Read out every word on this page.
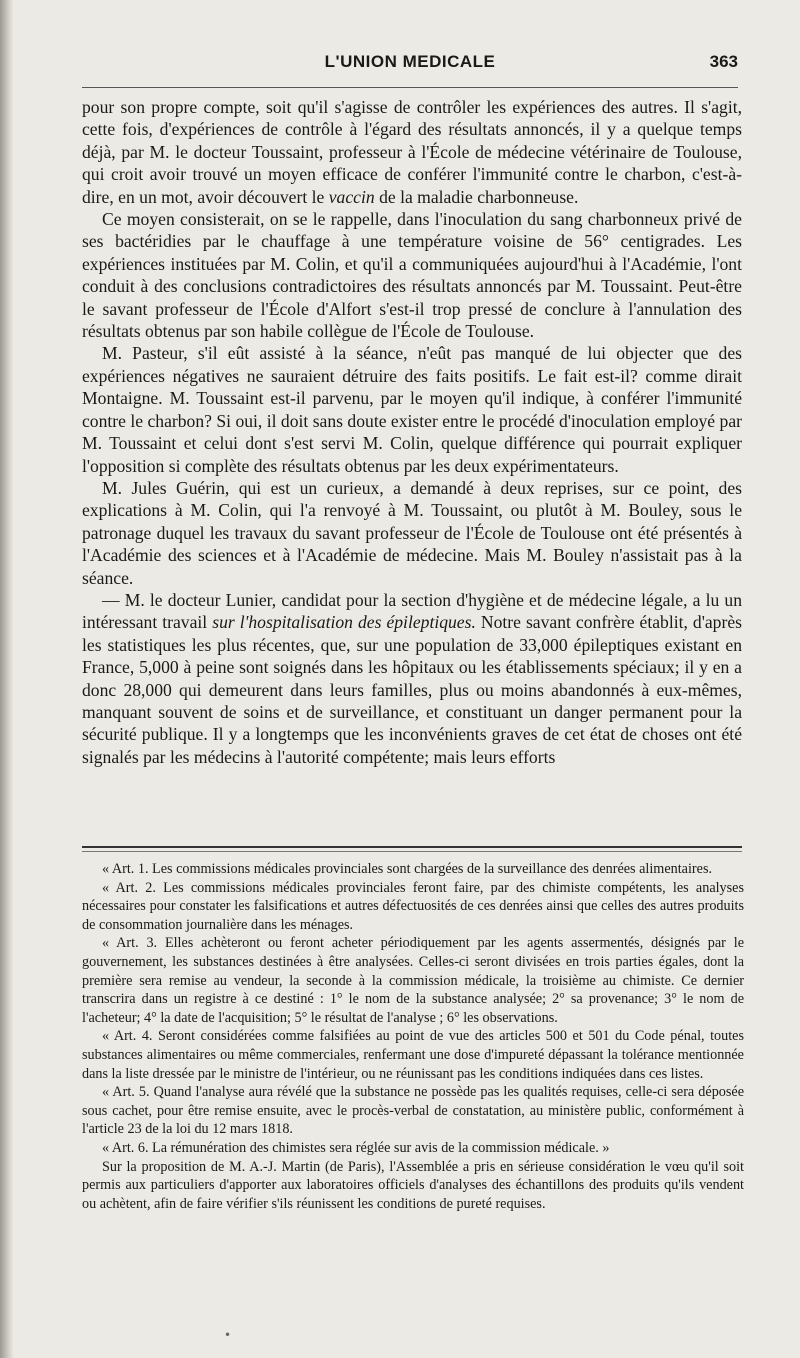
L'UNION MEDICALE	363

pour son propre compte, soit qu'il s'agisse de contrôler les expériences des autres. Il s'agit, cette fois, d'expériences de contrôle à l'égard des résultats annoncés, il y a quelque temps déjà, par M. le docteur Toussaint, professeur à l'École de médecine vétérinaire de Toulouse, qui croit avoir trouvé un moyen efficace de conférer l'immunité contre le charbon, c'est-à-dire, en un mot, avoir découvert le vaccin de la maladie charbonneuse.

Ce moyen consisterait, on se le rappelle, dans l'inoculation du sang charbonneux privé de ses bactéridies par le chauffage à une température voisine de 56° centigrades. Les expériences instituées par M. Colin, et qu'il a communiquées aujourd'hui à l'Académie, l'ont conduit à des conclusions contradictoires des résultats annoncés par M. Toussaint. Peut-être le savant professeur de l'École d'Alfort s'est-il trop pressé de conclure à l'annulation des résultats obtenus par son habile collègue de l'École de Toulouse.

M. Pasteur, s'il eût assisté à la séance, n'eût pas manqué de lui objecter que des expériences négatives ne sauraient détruire des faits positifs. Le fait est-il? comme dirait Montaigne. M. Toussaint est-il parvenu, par le moyen qu'il indique, à conférer l'immunité contre le charbon? Si oui, il doit sans doute exister entre le procédé d'inoculation employé par M. Toussaint et celui dont s'est servi M. Colin, quelque différence qui pourrait expliquer l'opposition si complète des résultats obtenus par les deux expérimentateurs.

M. Jules Guérin, qui est un curieux, a demandé à deux reprises, sur ce point, des explications à M. Colin, qui l'a renvoyé à M. Toussaint, ou plutôt à M. Bouley, sous le patronage duquel les travaux du savant professeur de l'École de Toulouse ont été présentés à l'Académie des sciences et à l'Académie de médecine. Mais M. Bouley n'assistait pas à la séance.

— M. le docteur Lunier, candidat pour la section d'hygiène et de médecine légale, a lu un intéressant travail sur l'hospitalisation des épileptiques. Notre savant confrère établit, d'après les statistiques les plus récentes, que, sur une population de 33,000 épileptiques existant en France, 5,000 à peine sont soignés dans les hôpitaux ou les établissements spéciaux; il y en a donc 28,000 qui demeurent dans leurs familles, plus ou moins abandonnés à eux-mêmes, manquant souvent de soins et de surveillance, et constituant un danger permanent pour la sécurité publique. Il y a longtemps que les inconvénients graves de cet état de choses ont été signalés par les médecins à l'autorité compétente; mais leurs efforts

« Art. 1. Les commissions médicales provinciales sont chargées de la surveillance des denrées alimentaires.

« Art. 2. Les commissions médicales provinciales feront faire, par des chimiste compétents, les analyses nécessaires pour constater les falsifications et autres défectuosités de ces denrées ainsi que celles des autres produits de consommation journalière dans les ménages.

« Art. 3. Elles achèteront ou feront acheter périodiquement par les agents assermentés, désignés par le gouvernement, les substances destinées à être analysées. Celles-ci seront divisées en trois parties égales, dont la première sera remise au vendeur, la seconde à la commission médicale, la troisième au chimiste. Ce dernier transcrira dans un registre à ce destiné : 1° le nom de la substance analysée; 2° sa provenance; 3° le nom de l'acheteur; 4° la date de l'acquisition; 5° le résultat de l'analyse ; 6° les observations.

« Art. 4. Seront considérées comme falsifiées au point de vue des articles 500 et 501 du Code pénal, toutes substances alimentaires ou même commerciales, renfermant une dose d'impureté dépassant la tolérance mentionnée dans la liste dressée par le ministre de l'intérieur, ou ne réunissant pas les conditions indiquées dans ces listes.

« Art. 5. Quand l'analyse aura révélé que la substance ne possède pas les qualités requises, celle-ci sera déposée sous cachet, pour être remise ensuite, avec le procès-verbal de constatation, au ministère public, conformément à l'article 23 de la loi du 12 mars 1818.

« Art. 6. La rémunération des chimistes sera réglée sur avis de la commission médicale. »

Sur la proposition de M. A.-J. Martin (de Paris), l'Assemblée a pris en sérieuse considération le vœu qu'il soit permis aux particuliers d'apporter aux laboratoires officiels d'analyses des échantillons des produits qu'ils vendent ou achètent, afin de faire vérifier s'ils réunissent les conditions de pureté requises.

•
